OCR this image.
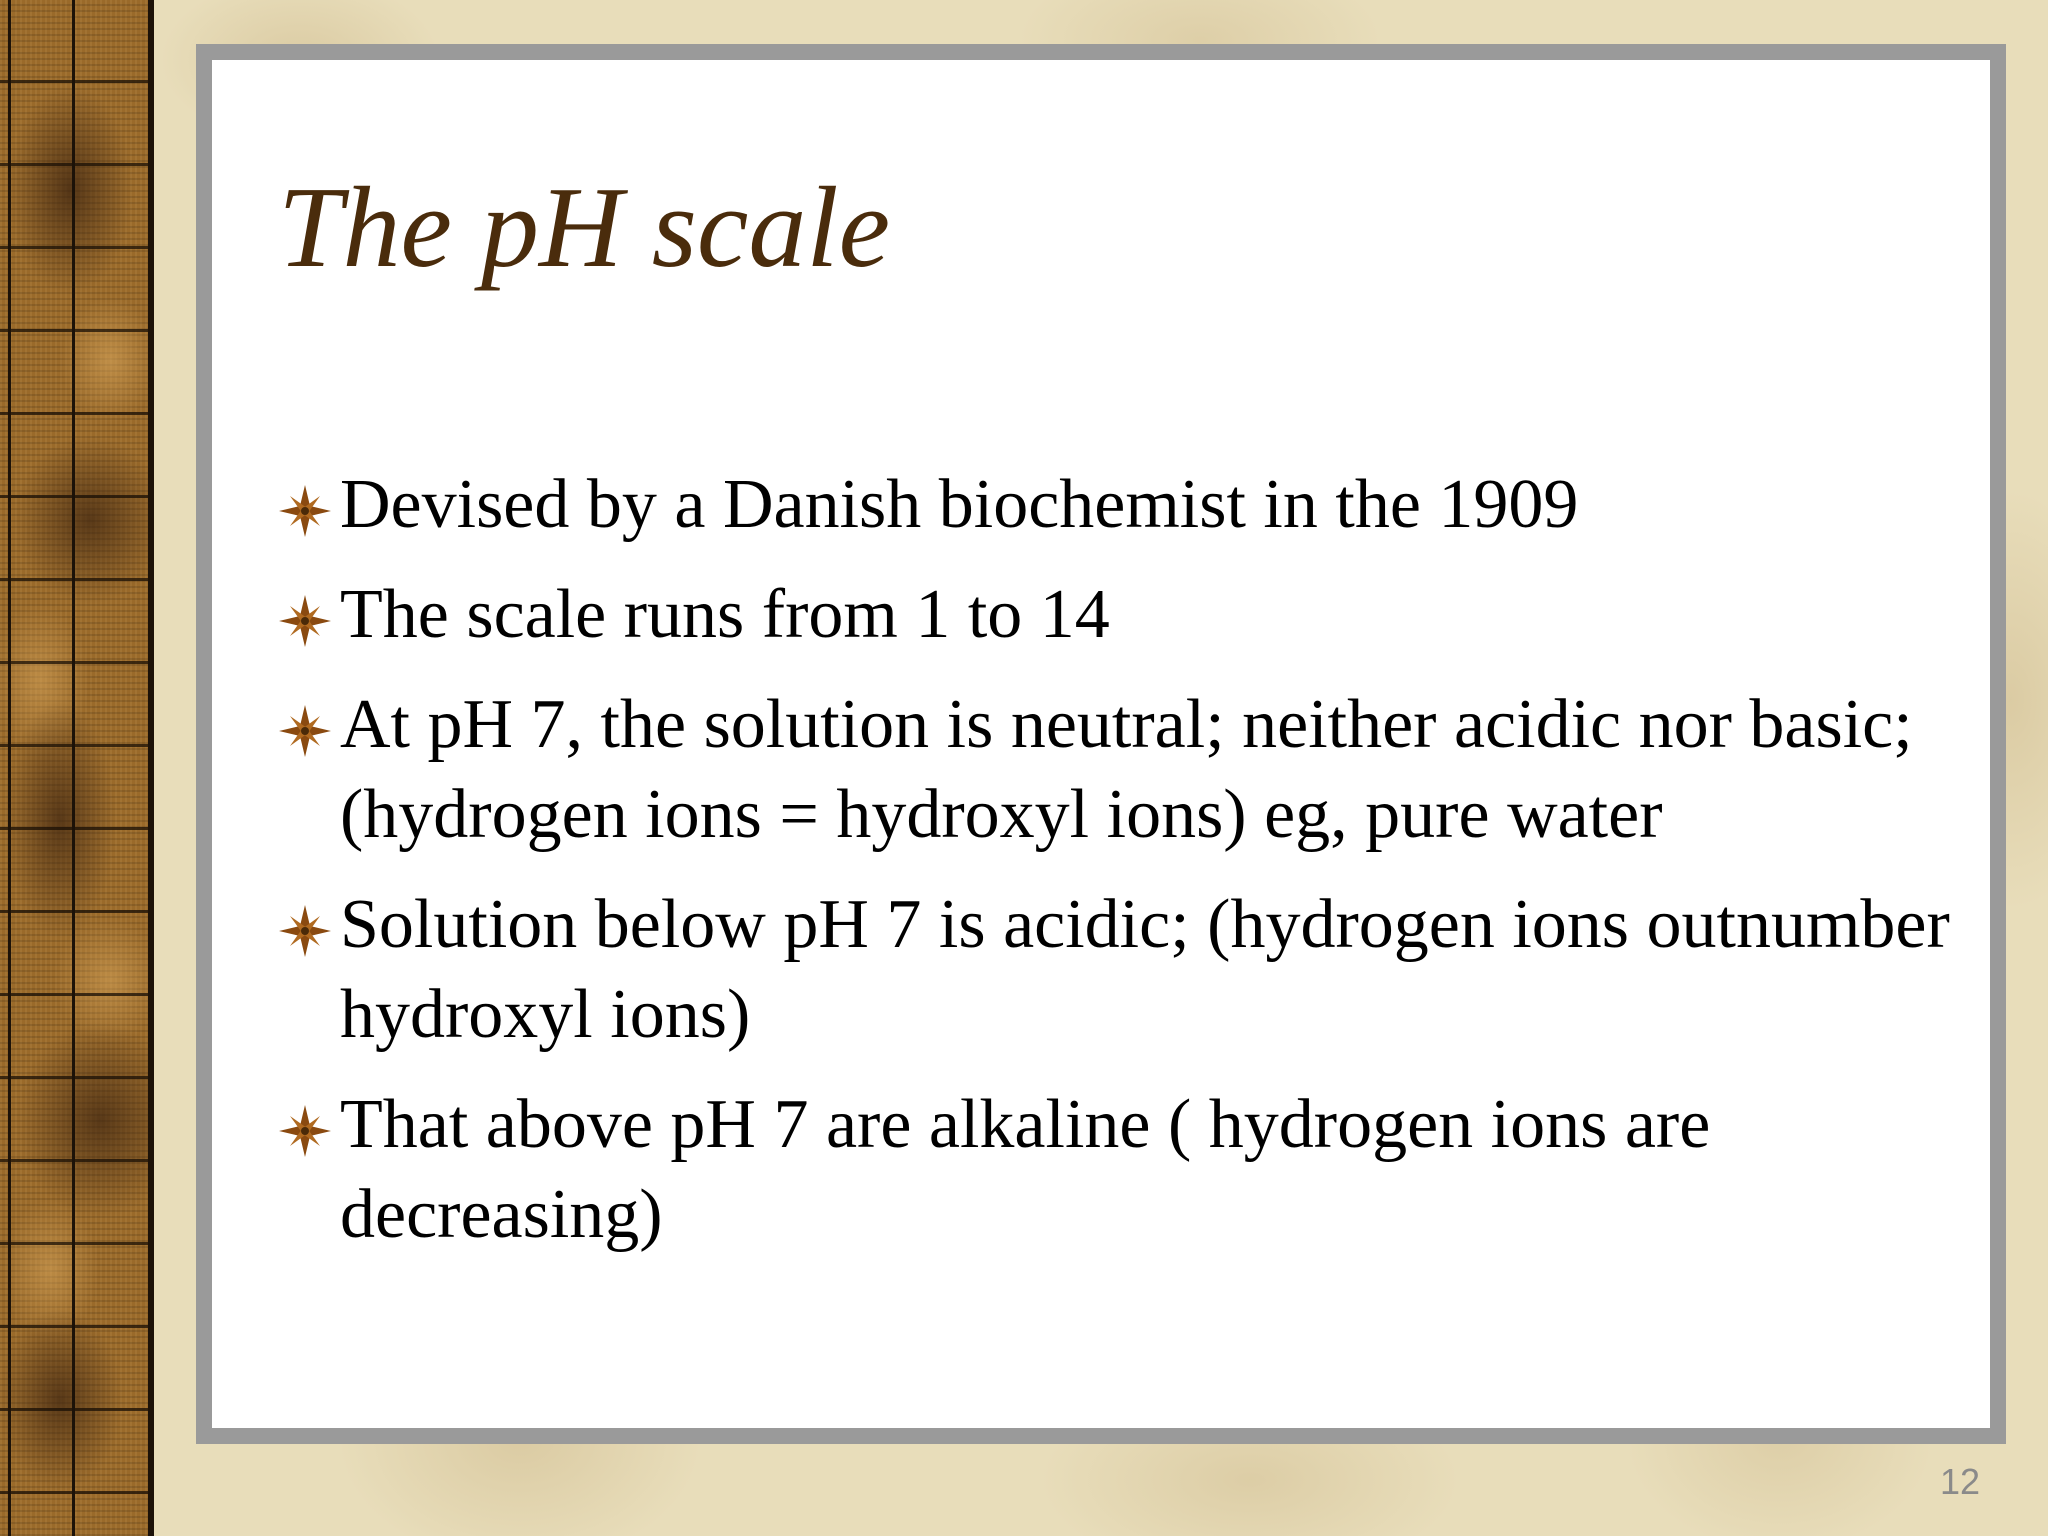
The pH scale
Devised by a Danish biochemist in the 1909
The scale runs from 1 to 14
At pH 7, the solution is neutral; neither acidic nor basic; (hydrogen ions = hydroxyl ions) eg, pure water
Solution below pH 7 is acidic; (hydrogen ions outnumber hydroxyl ions)
That above pH 7 are alkaline ( hydrogen ions are decreasing)
12
